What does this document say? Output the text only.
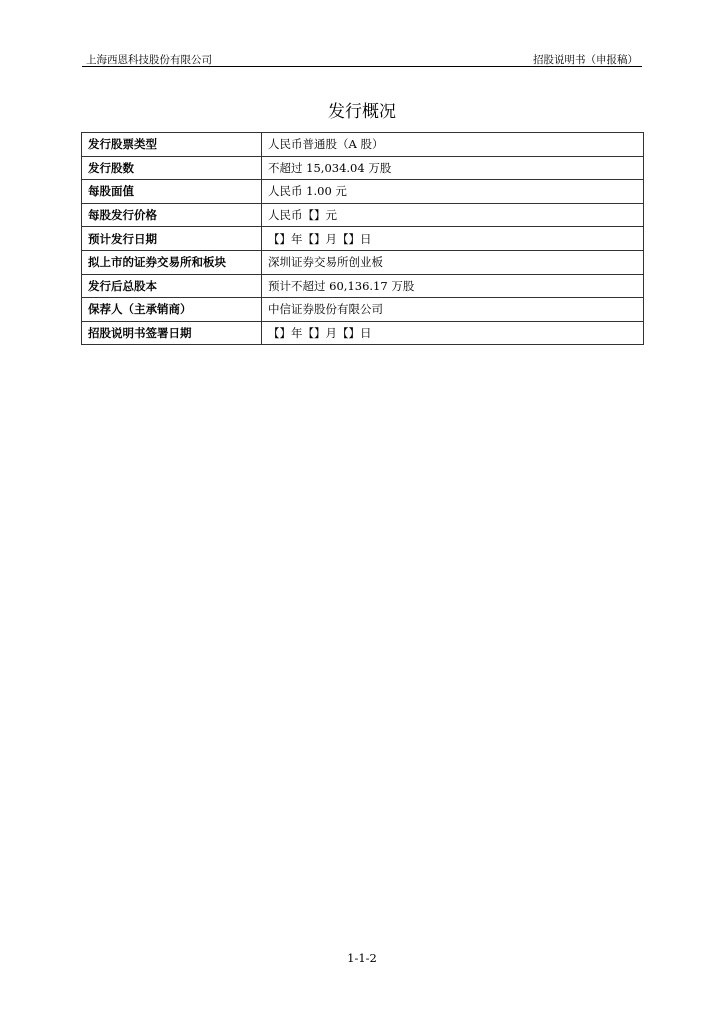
上海西恩科技股份有限公司	招股说明书（申报稿）
发行概况
发行股票类型	人民币普通股（A 股）
发行股数	不超过 15,034.04 万股
每股面值	人民币 1.00 元
每股发行价格	人民币【】元
预计发行日期	【】年【】月【】日
拟上市的证券交易所和板块	深圳证券交易所创业板
发行后总股本	预计不超过 60,136.17 万股
保荐人（主承销商）	中信证券股份有限公司
招股说明书签署日期	【】年【】月【】日
1-1-2
